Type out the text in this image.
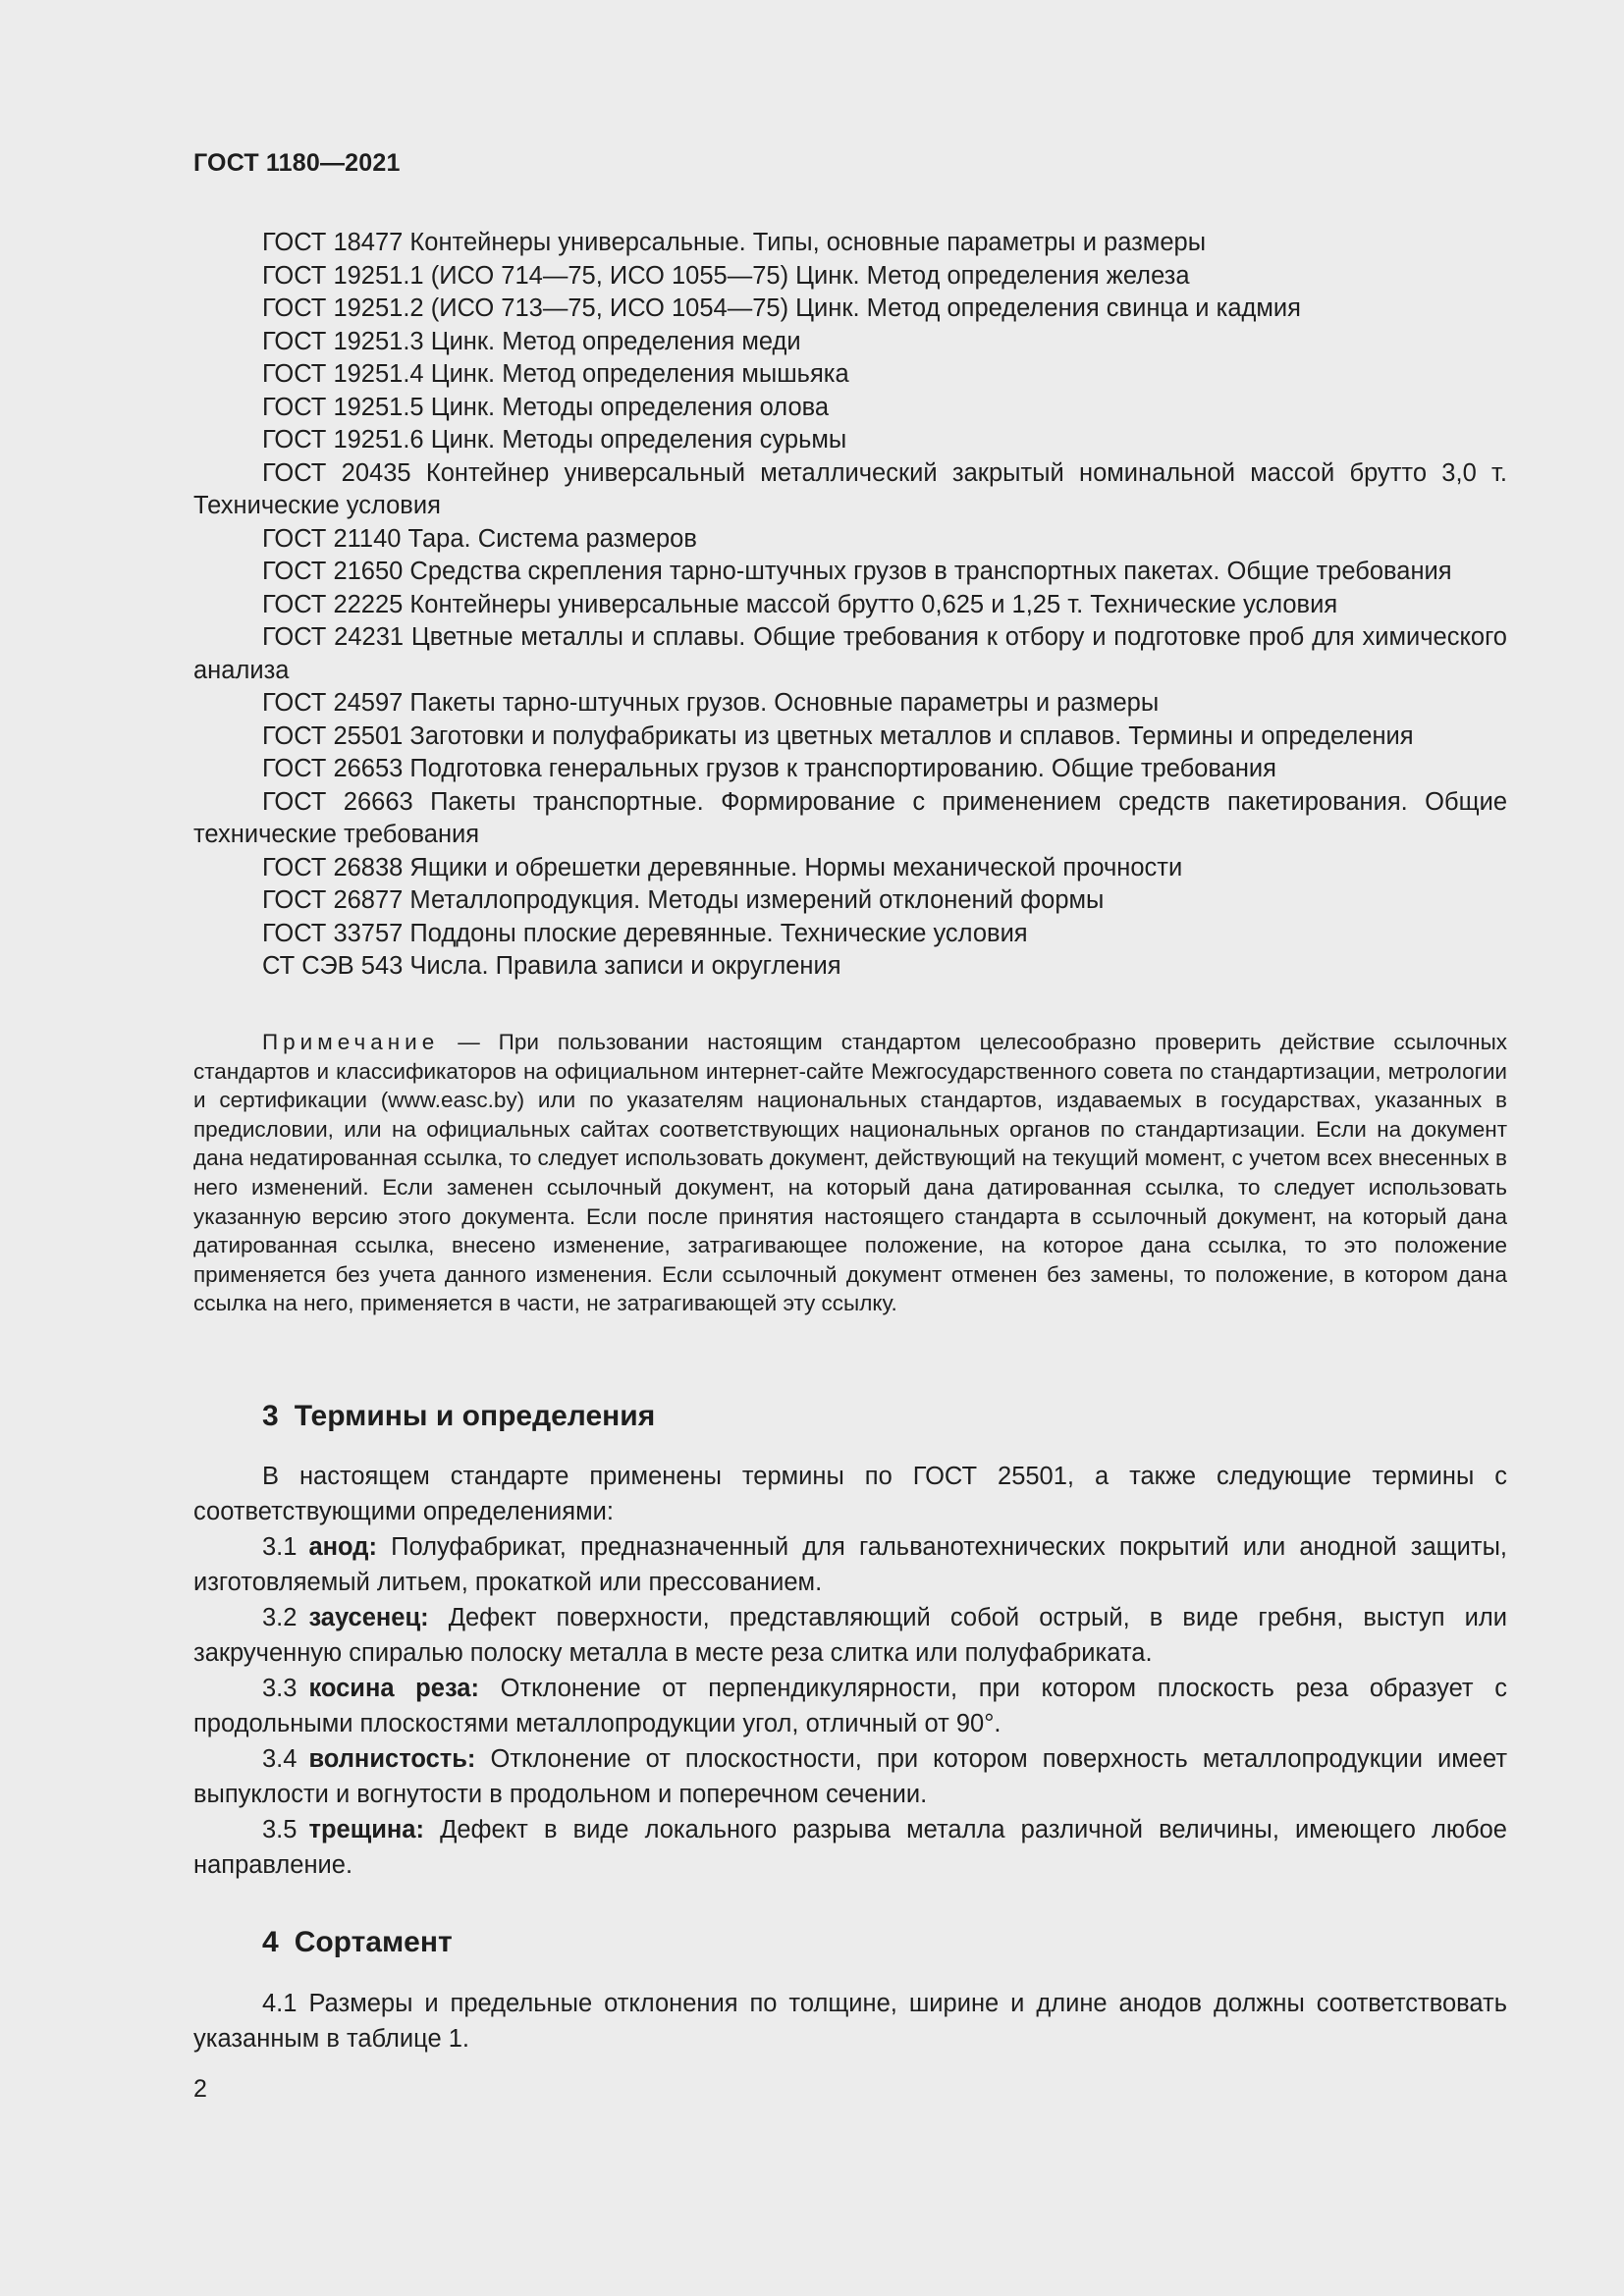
ГОСТ 1180—2021
ГОСТ 18477 Контейнеры универсальные. Типы, основные параметры и размеры
ГОСТ 19251.1 (ИСО 714—75, ИСО 1055—75) Цинк. Метод определения железа
ГОСТ 19251.2 (ИСО 713—75, ИСО 1054—75) Цинк. Метод определения свинца и кадмия
ГОСТ 19251.3 Цинк. Метод определения меди
ГОСТ 19251.4 Цинк. Метод определения мышьяка
ГОСТ 19251.5 Цинк. Методы определения олова
ГОСТ 19251.6 Цинк. Методы определения сурьмы
ГОСТ 20435 Контейнер универсальный металлический закрытый номинальной массой брутто 3,0 т. Технические условия
ГОСТ 21140 Тара. Система размеров
ГОСТ 21650 Средства скрепления тарно-штучных грузов в транспортных пакетах. Общие требования
ГОСТ 22225 Контейнеры универсальные массой брутто 0,625 и 1,25 т. Технические условия
ГОСТ 24231 Цветные металлы и сплавы. Общие требования к отбору и подготовке проб для химического анализа
ГОСТ 24597 Пакеты тарно-штучных грузов. Основные параметры и размеры
ГОСТ 25501 Заготовки и полуфабрикаты из цветных металлов и сплавов. Термины и определения
ГОСТ 26653 Подготовка генеральных грузов к транспортированию. Общие требования
ГОСТ 26663 Пакеты транспортные. Формирование с применением средств пакетирования. Общие технические требования
ГОСТ 26838 Ящики и обрешетки деревянные. Нормы механической прочности
ГОСТ 26877 Металлопродукция. Методы измерений отклонений формы
ГОСТ 33757 Поддоны плоские деревянные. Технические условия
СТ СЭВ 543 Числа. Правила записи и округления

Примечание — При пользовании настоящим стандартом целесообразно проверить действие ссылочных стандартов и классификаторов на официальном интернет-сайте Межгосударственного совета по стандартизации, метрологии и сертификации (www.easc.by) или по указателям национальных стандартов, издаваемых в государствах, указанных в предисловии, или на официальных сайтах соответствующих национальных органов по стандартизации. Если на документ дана недатированная ссылка, то следует использовать документ, действующий на текущий момент, с учетом всех внесенных в него изменений. Если заменен ссылочный документ, на который дана датированная ссылка, то следует использовать указанную версию этого документа. Если после принятия настоящего стандарта в ссылочный документ, на который дана датированная ссылка, внесено изменение, затрагивающее положение, на которое дана ссылка, то это положение применяется без учета данного изменения. Если ссылочный документ отменен без замены, то положение, в котором дана ссылка на него, применяется в части, не затрагивающей эту ссылку.

3 Термины и определения

В настоящем стандарте применены термины по ГОСТ 25501, а также следующие термины с соответствующими определениями:

3.1 анод: Полуфабрикат, предназначенный для гальванотехнических покрытий или анодной защиты, изготовляемый литьем, прокаткой или прессованием.

3.2 заусенец: Дефект поверхности, представляющий собой острый, в виде гребня, выступ или закрученную спиралью полоску металла в месте реза слитка или полуфабриката.

3.3 косина реза: Отклонение от перпендикулярности, при котором плоскость реза образует с продольными плоскостями металлопродукции угол, отличный от 90°.

3.4 волнистость: Отклонение от плоскостности, при котором поверхность металлопродукции имеет выпуклости и вогнутости в продольном и поперечном сечении.

3.5 трещина: Дефект в виде локального разрыва металла различной величины, имеющего любое направление.

4 Сортамент

4.1 Размеры и предельные отклонения по толщине, ширине и длине анодов должны соответствовать указанным в таблице 1.

2
